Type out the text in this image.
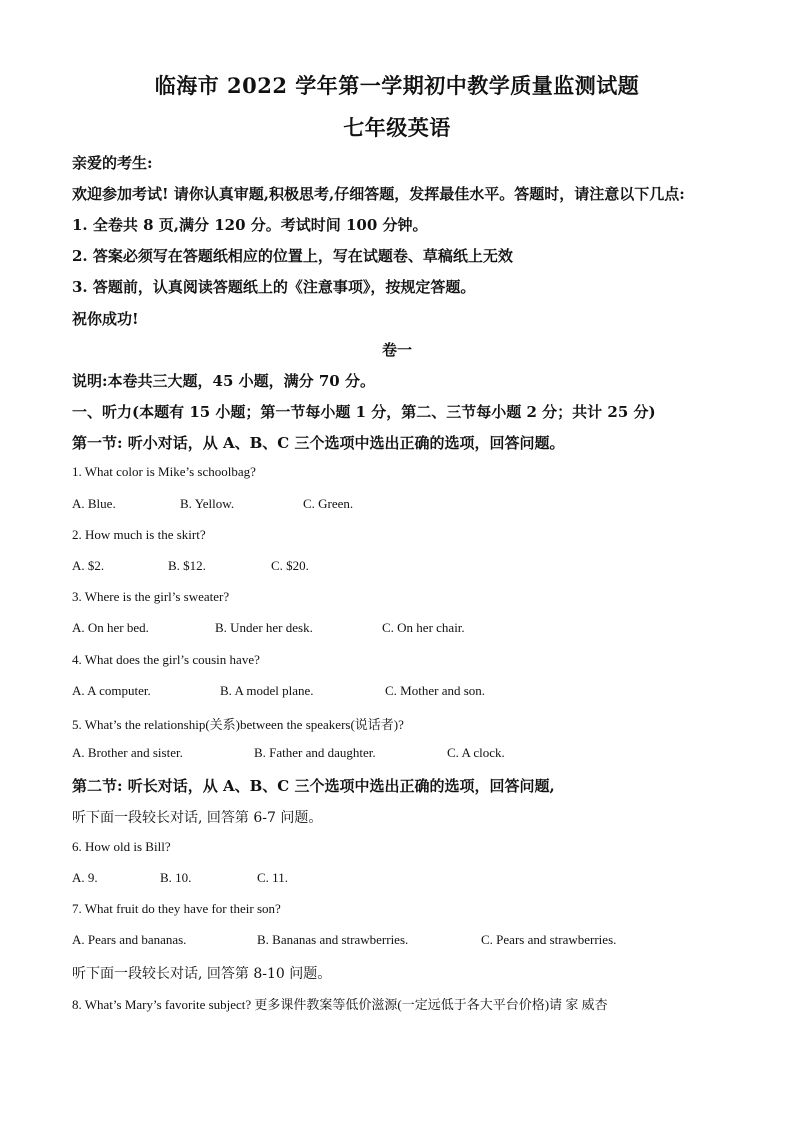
临海市 2022 学年第一学期初中教学质量监测试题
七年级英语
亲爱的考生:
欢迎参加考试! 请你认真审题,积极思考,仔细答题，发挥最佳水平。答题时，请注意以下几点:
1. 全卷共 8 页,满分 120 分。考试时间 100 分钟。
2. 答案必须写在答题纸相应的位置上，写在试题卷、草稿纸上无效
3. 答题前，认真阅读答题纸上的《注意事项》，按规定答题。
祝你成功!
卷一
说明:本卷共三大题，45 小题，满分 70 分。
一、听力(本题有 15 小题；第一节每小题 1 分，第二、三节每小题 2 分；共计 25 分)
第一节: 听小对话，从 A、B、C 三个选项中选出正确的选项，回答问题。
1. What color is Mike’s schoolbag?
A. Blue.	B. Yellow.	C. Green.
2. How much is the skirt?
A. $2.	B. $12.	C. $20.
3. Where is the girl’s sweater?
A. On her bed.	B. Under her desk.	C. On her chair.
4. What does the girl’s cousin have?
A. A computer.	B. A model plane.	C. Mother and son.
5. What’s the relationship(关系)between the speakers(说话者)?
A. Brother and sister.	B. Father and daughter.	C. A clock.
第二节: 听长对话，从 A、B、C 三个选项中选出正确的选项，回答问题,
听下面一段较长对话, 回答第 6-7 问题。
6. How old is Bill?
A. 9.	B. 10.	C. 11.
7. What fruit do they have for their son?
A. Pears and bananas.	B. Bananas and strawberries.	C. Pears and strawberries.
听下面一段较长对话, 回答第 8-10 问题。
8. What’s Mary’s favorite subject? 更多课件教案等低价滋源(一定远低于各大平台价格)请 家 威杏
